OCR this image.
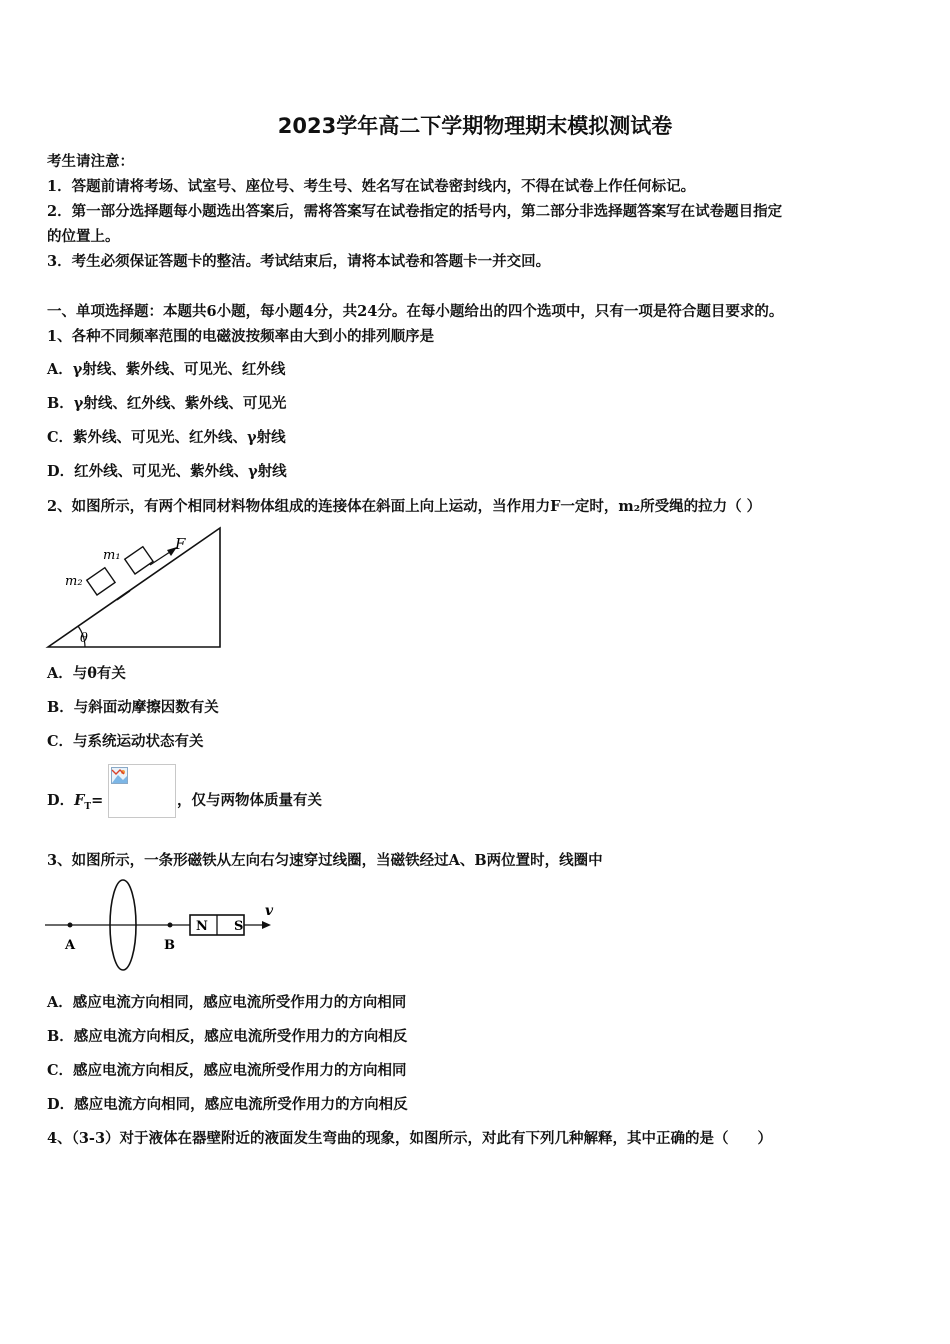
2023学年高二下学期物理期末模拟测试卷
考生请注意：
1．答题前请将考场、试室号、座位号、考生号、姓名写在试卷密封线内，不得在试卷上作任何标记。
2．第一部分选择题每小题选出答案后，需将答案写在试卷指定的括号内，第二部分非选择题答案写在试卷题目指定
的位置上。
3．考生必须保证答题卡的整洁。考试结束后，请将本试卷和答题卡一并交回。
一、单项选择题：本题共6小题，每小题4分，共24分。在每小题给出的四个选项中，只有一项是符合题目要求的。
1、各种不同频率范围的电磁波按频率由大到小的排列顺序是
A．γ射线、紫外线、可见光、红外线
B．γ射线、红外线、紫外线、可见光
C．紫外线、可见光、红外线、γ射线
D．红外线、可见光、紫外线、γ射线
2、如图所示，有两个相同材料物体组成的连接体在斜面上向上运动，当作用力F一定时，m₂所受绳的拉力（ ）
θ
m₂
m₁
F
A．与θ有关
B．与斜面动摩擦因数有关
C．与系统运动状态有关
D．$F_T=$	，仅与两物体质量有关
3、如图所示，一条形磁铁从左向右匀速穿过线圈，当磁铁经过A、B两位置时，线圈中
A	B
N S
v
A．感应电流方向相同，感应电流所受作用力的方向相同
B．感应电流方向相反，感应电流所受作用力的方向相反
C．感应电流方向相反，感应电流所受作用力的方向相同
D．感应电流方向相同，感应电流所受作用力的方向相反
4、（3-3）对于液体在器壁附近的液面发生弯曲的现象，如图所示，对此有下列几种解释，其中正确的是（　　）
